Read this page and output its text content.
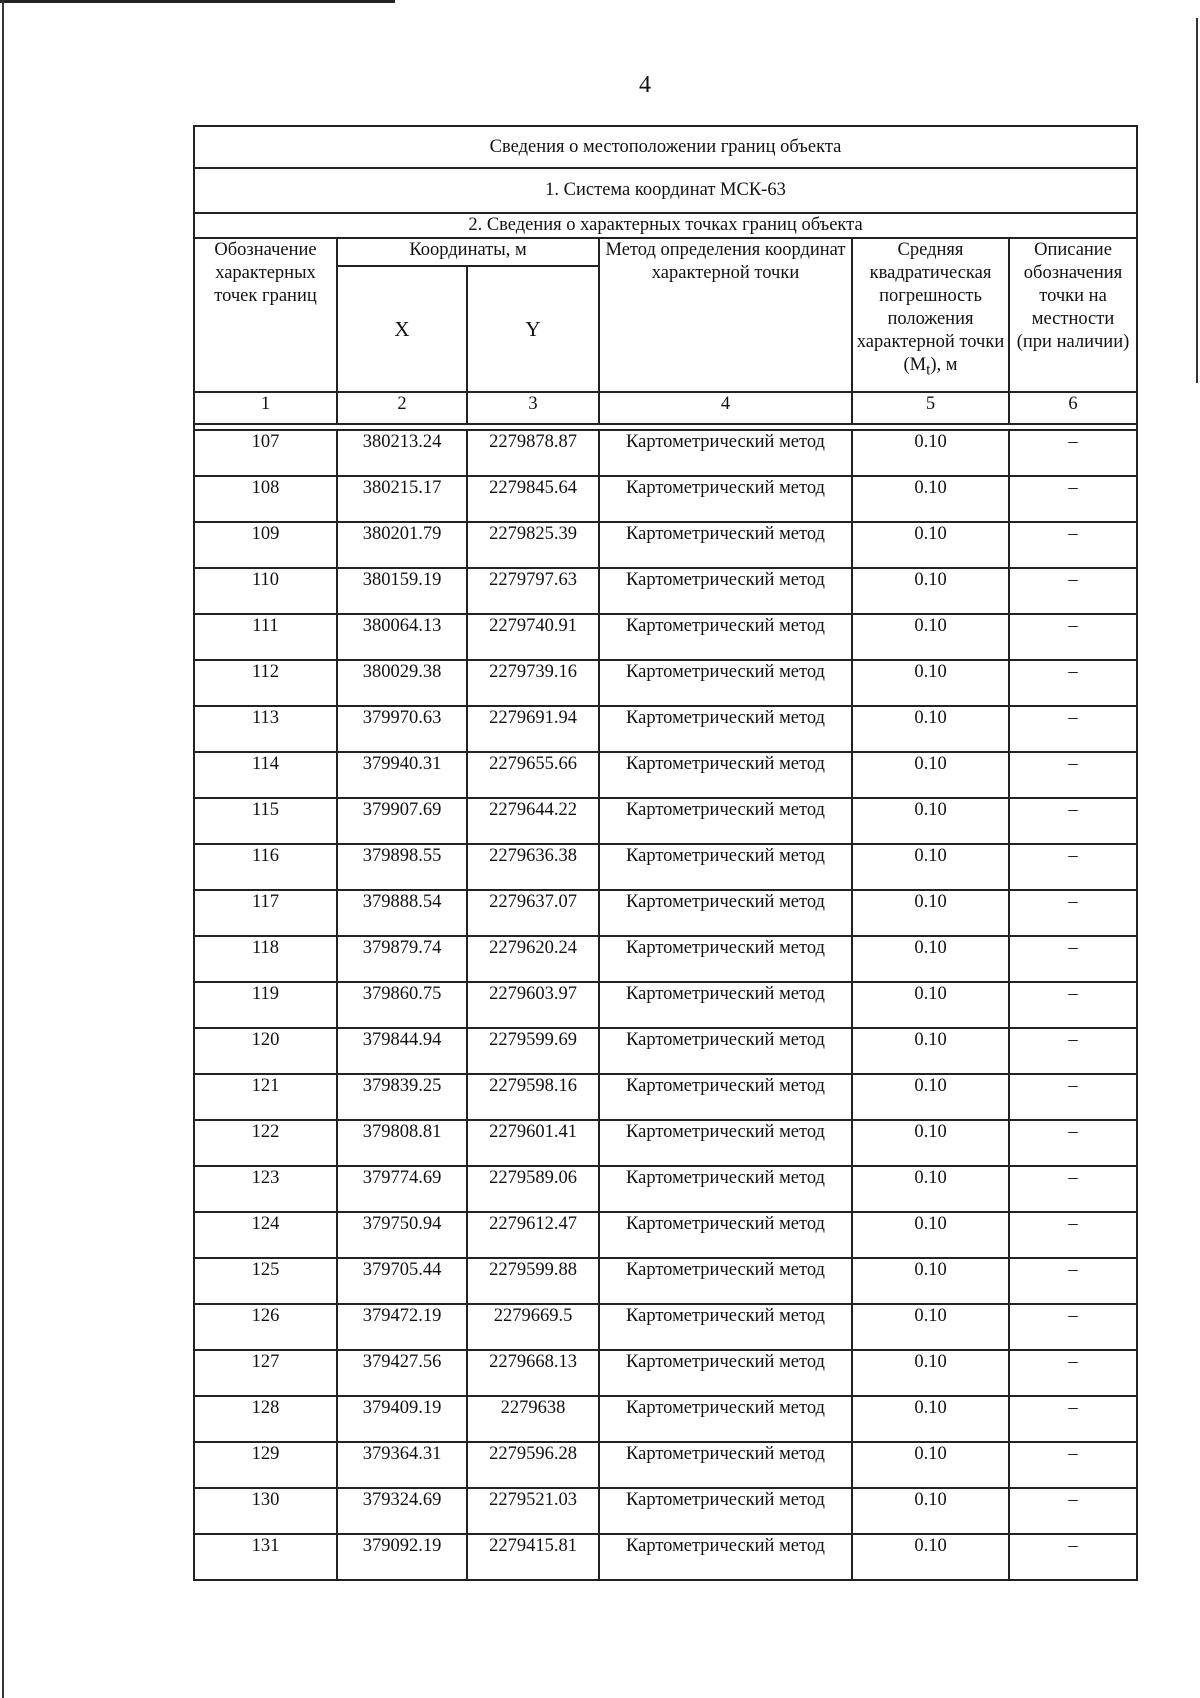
4
Сведения о местоположении границ объекта					
1. Система координат МСК-63					
2. Сведения о характерных точках границ объекта					
Обозначение характерных точек границ	Координаты, м		Метод определения координат характерной точки	Средняя квадратическая погрешность положения характерной точки $(M_t)$, м	Описание обозначения точки на местности (при наличии)
	X	Y			
1	2	3	4	5	6

107	380213.24	2279878.87	Картометрический метод	0.10	–
108	380215.17	2279845.64	Картометрический метод	0.10	–
109	380201.79	2279825.39	Картометрический метод	0.10	–
110	380159.19	2279797.63	Картометрический метод	0.10	–
111	380064.13	2279740.91	Картометрический метод	0.10	–
112	380029.38	2279739.16	Картометрический метод	0.10	–
113	379970.63	2279691.94	Картометрический метод	0.10	–
114	379940.31	2279655.66	Картометрический метод	0.10	–
115	379907.69	2279644.22	Картометрический метод	0.10	–
116	379898.55	2279636.38	Картометрический метод	0.10	–
117	379888.54	2279637.07	Картометрический метод	0.10	–
118	379879.74	2279620.24	Картометрический метод	0.10	–
119	379860.75	2279603.97	Картометрический метод	0.10	–
120	379844.94	2279599.69	Картометрический метод	0.10	–
121	379839.25	2279598.16	Картометрический метод	0.10	–
122	379808.81	2279601.41	Картометрический метод	0.10	–
123	379774.69	2279589.06	Картометрический метод	0.10	–
124	379750.94	2279612.47	Картометрический метод	0.10	–
125	379705.44	2279599.88	Картометрический метод	0.10	–
126	379472.19	2279669.5	Картометрический метод	0.10	–
127	379427.56	2279668.13	Картометрический метод	0.10	–
128	379409.19	2279638	Картометрический метод	0.10	–
129	379364.31	2279596.28	Картометрический метод	0.10	–
130	379324.69	2279521.03	Картометрический метод	0.10	–
131	379092.19	2279415.81	Картометрический метод	0.10	–
